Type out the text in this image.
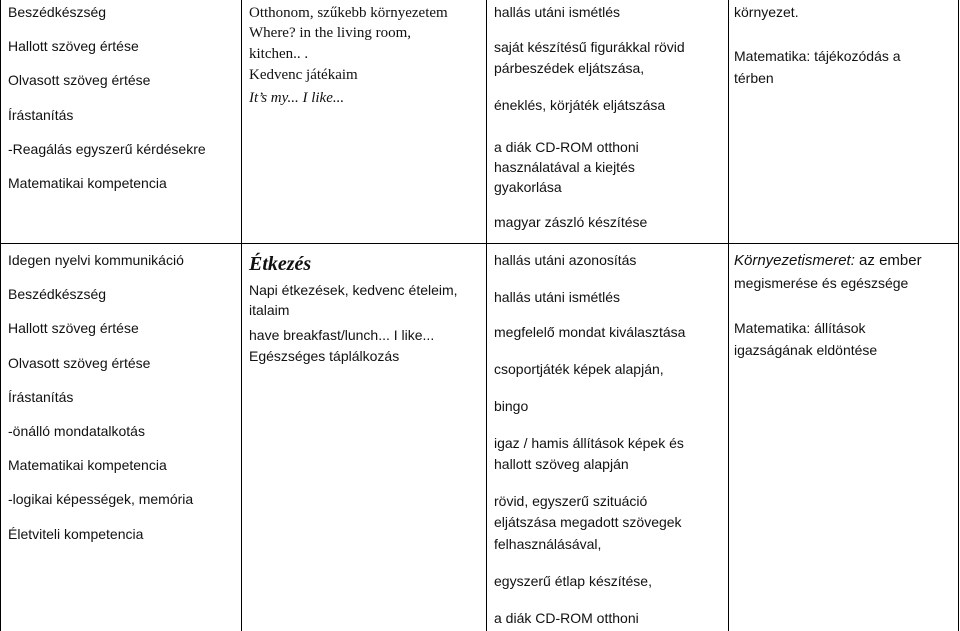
Beszédkészség
Hallott szöveg értése
Olvasott szöveg értése
Írástanítás
-Reagálás egyszerű kérdésekre
Matematikai kompetencia
Otthonom, szűkebb környezetem
Where? in the living room,
kitchen.. .
Kedvenc játékaim
It’s my... I like...
hallás utáni ismétlés
saját készítésű figurákkal rövid
párbeszédek eljátszása,
éneklés, körjáték eljátszása
a diák CD-ROM otthoni
használatával a kiejtés
gyakorlása
magyar zászló készítése
környezet.
Matematika: tájékozódás a
térben
Idegen nyelvi kommunikáció
Beszédkészség
Hallott szöveg értése
Olvasott szöveg értése
Írástanítás
-önálló mondatalkotás
Matematikai kompetencia
-logikai képességek, memória
Életviteli kompetencia
Étkezés
Napi étkezések, kedvenc ételeim,
italaim
have breakfast/lunch... I like...
Egészséges táplálkozás
hallás utáni azonosítás
hallás utáni ismétlés
megfelelő mondat kiválasztása
csoportjáték képek alapján,
bingo
igaz / hamis állítások képek és
hallott szöveg alapján
rövid, egyszerű szituáció
eljátszása megadott szövegek
felhasználásával,
egyszerű étlap készítése,
a diák CD-ROM otthoni
Környezetismeret: az ember
megismerése és egészsége
Matematika: állítások
igazságának eldöntése
